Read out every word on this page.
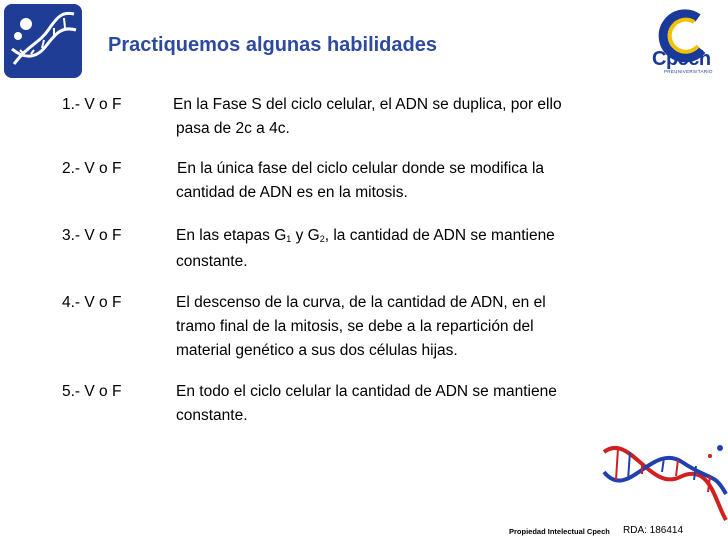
Practiquemos algunas habilidades
Cpech
PREUNIVERSITARIO
1.- V o F	En la Fase S del ciclo celular, el ADN se duplica, por ello
pasa de 2c a 4c.
2.- V o F	En la única fase del ciclo celular donde se modifica la
cantidad de ADN es en la mitosis.
3.- V o F	En las etapas $G_1$ y $G_2$, la cantidad de ADN se mantiene
constante.
4.- V o F	El descenso de la curva, de la cantidad de ADN, en el
tramo final de la mitosis, se debe a la repartición del
material genético a sus dos células hijas.
5.- V o F	En todo el ciclo celular la cantidad de ADN se mantiene
constante.
Propiedad Intelectual Cpech RDA: 186414
